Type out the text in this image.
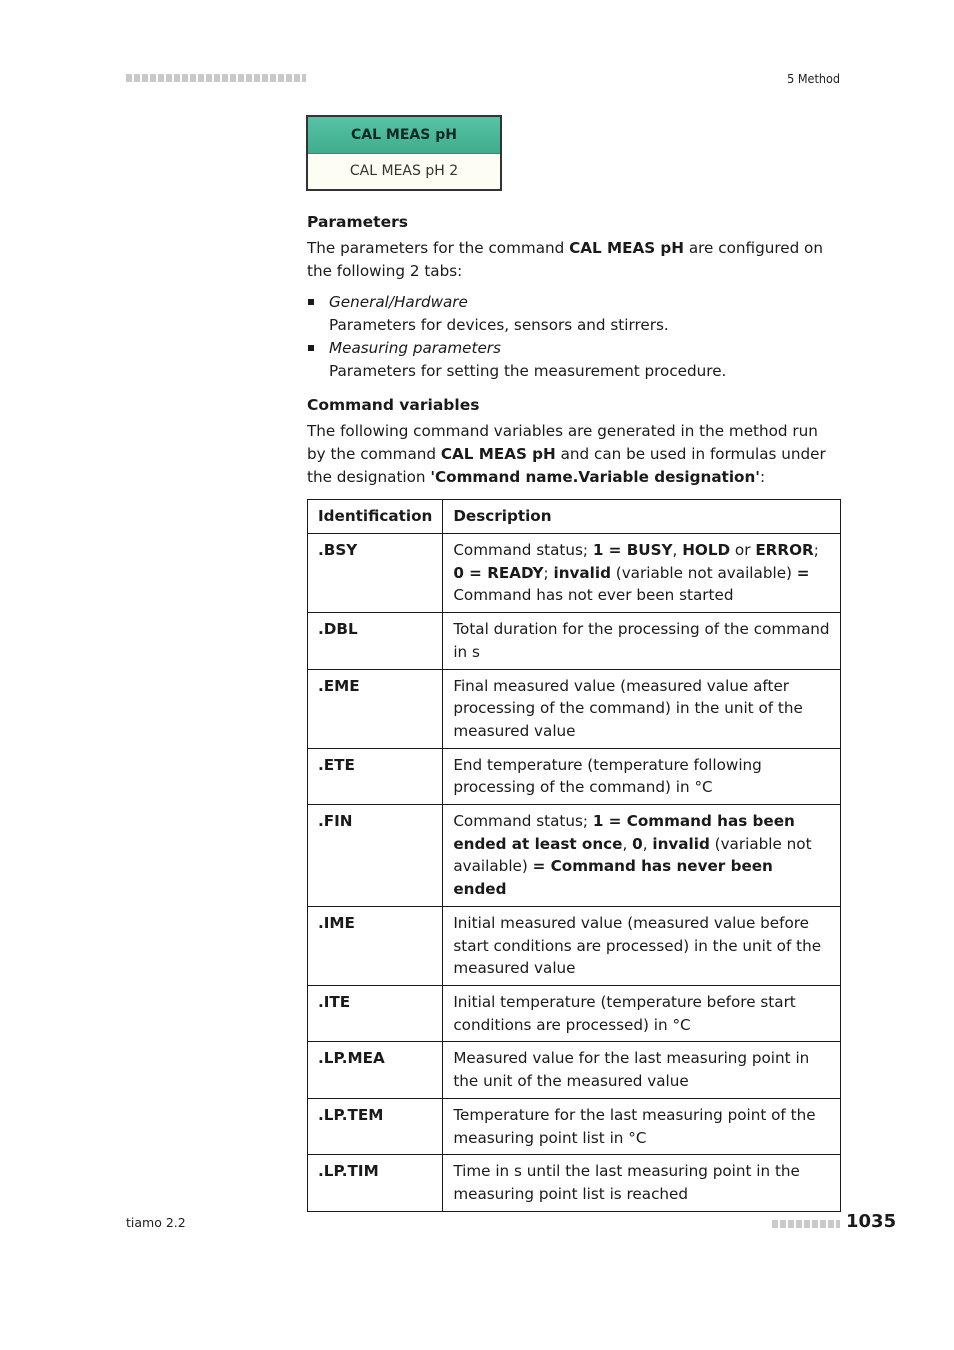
5 Method
CAL MEAS pH
CAL MEAS pH 2
Parameters

The parameters for the command CAL MEAS pH are configured on the following 2 tabs:

General/Hardware
Parameters for devices, sensors and stirrers.
Measuring parameters
Parameters for setting the measurement procedure.
Command variables

The following command variables are generated in the method run by the command CAL MEAS pH and can be used in formulas under the designation 'Command name.Variable designation':

Identification	Description
.BSY	Command status; 1 = BUSY, HOLD or ERROR; 0 = READY; invalid (variable not available) = Command has not ever been started
.DBL	Total duration for the processing of the command in s
.EME	Final measured value (measured value after processing of the command) in the unit of the measured value
.ETE	End temperature (temperature following processing of the command) in °C
.FIN	Command status; 1 = Command has been ended at least once, 0, invalid (variable not available) = Command has never been ended
.IME	Initial measured value (measured value before start conditions are processed) in the unit of the measured value
.ITE	Initial temperature (temperature before start conditions are processed) in °C
.LP.MEA	Measured value for the last measuring point in the unit of the measured value
.LP.TEM	Temperature for the last measuring point of the measuring point list in °C
.LP.TIM	Time in s until the last measuring point in the measuring point list is reached
tiamo 2.2	1035
